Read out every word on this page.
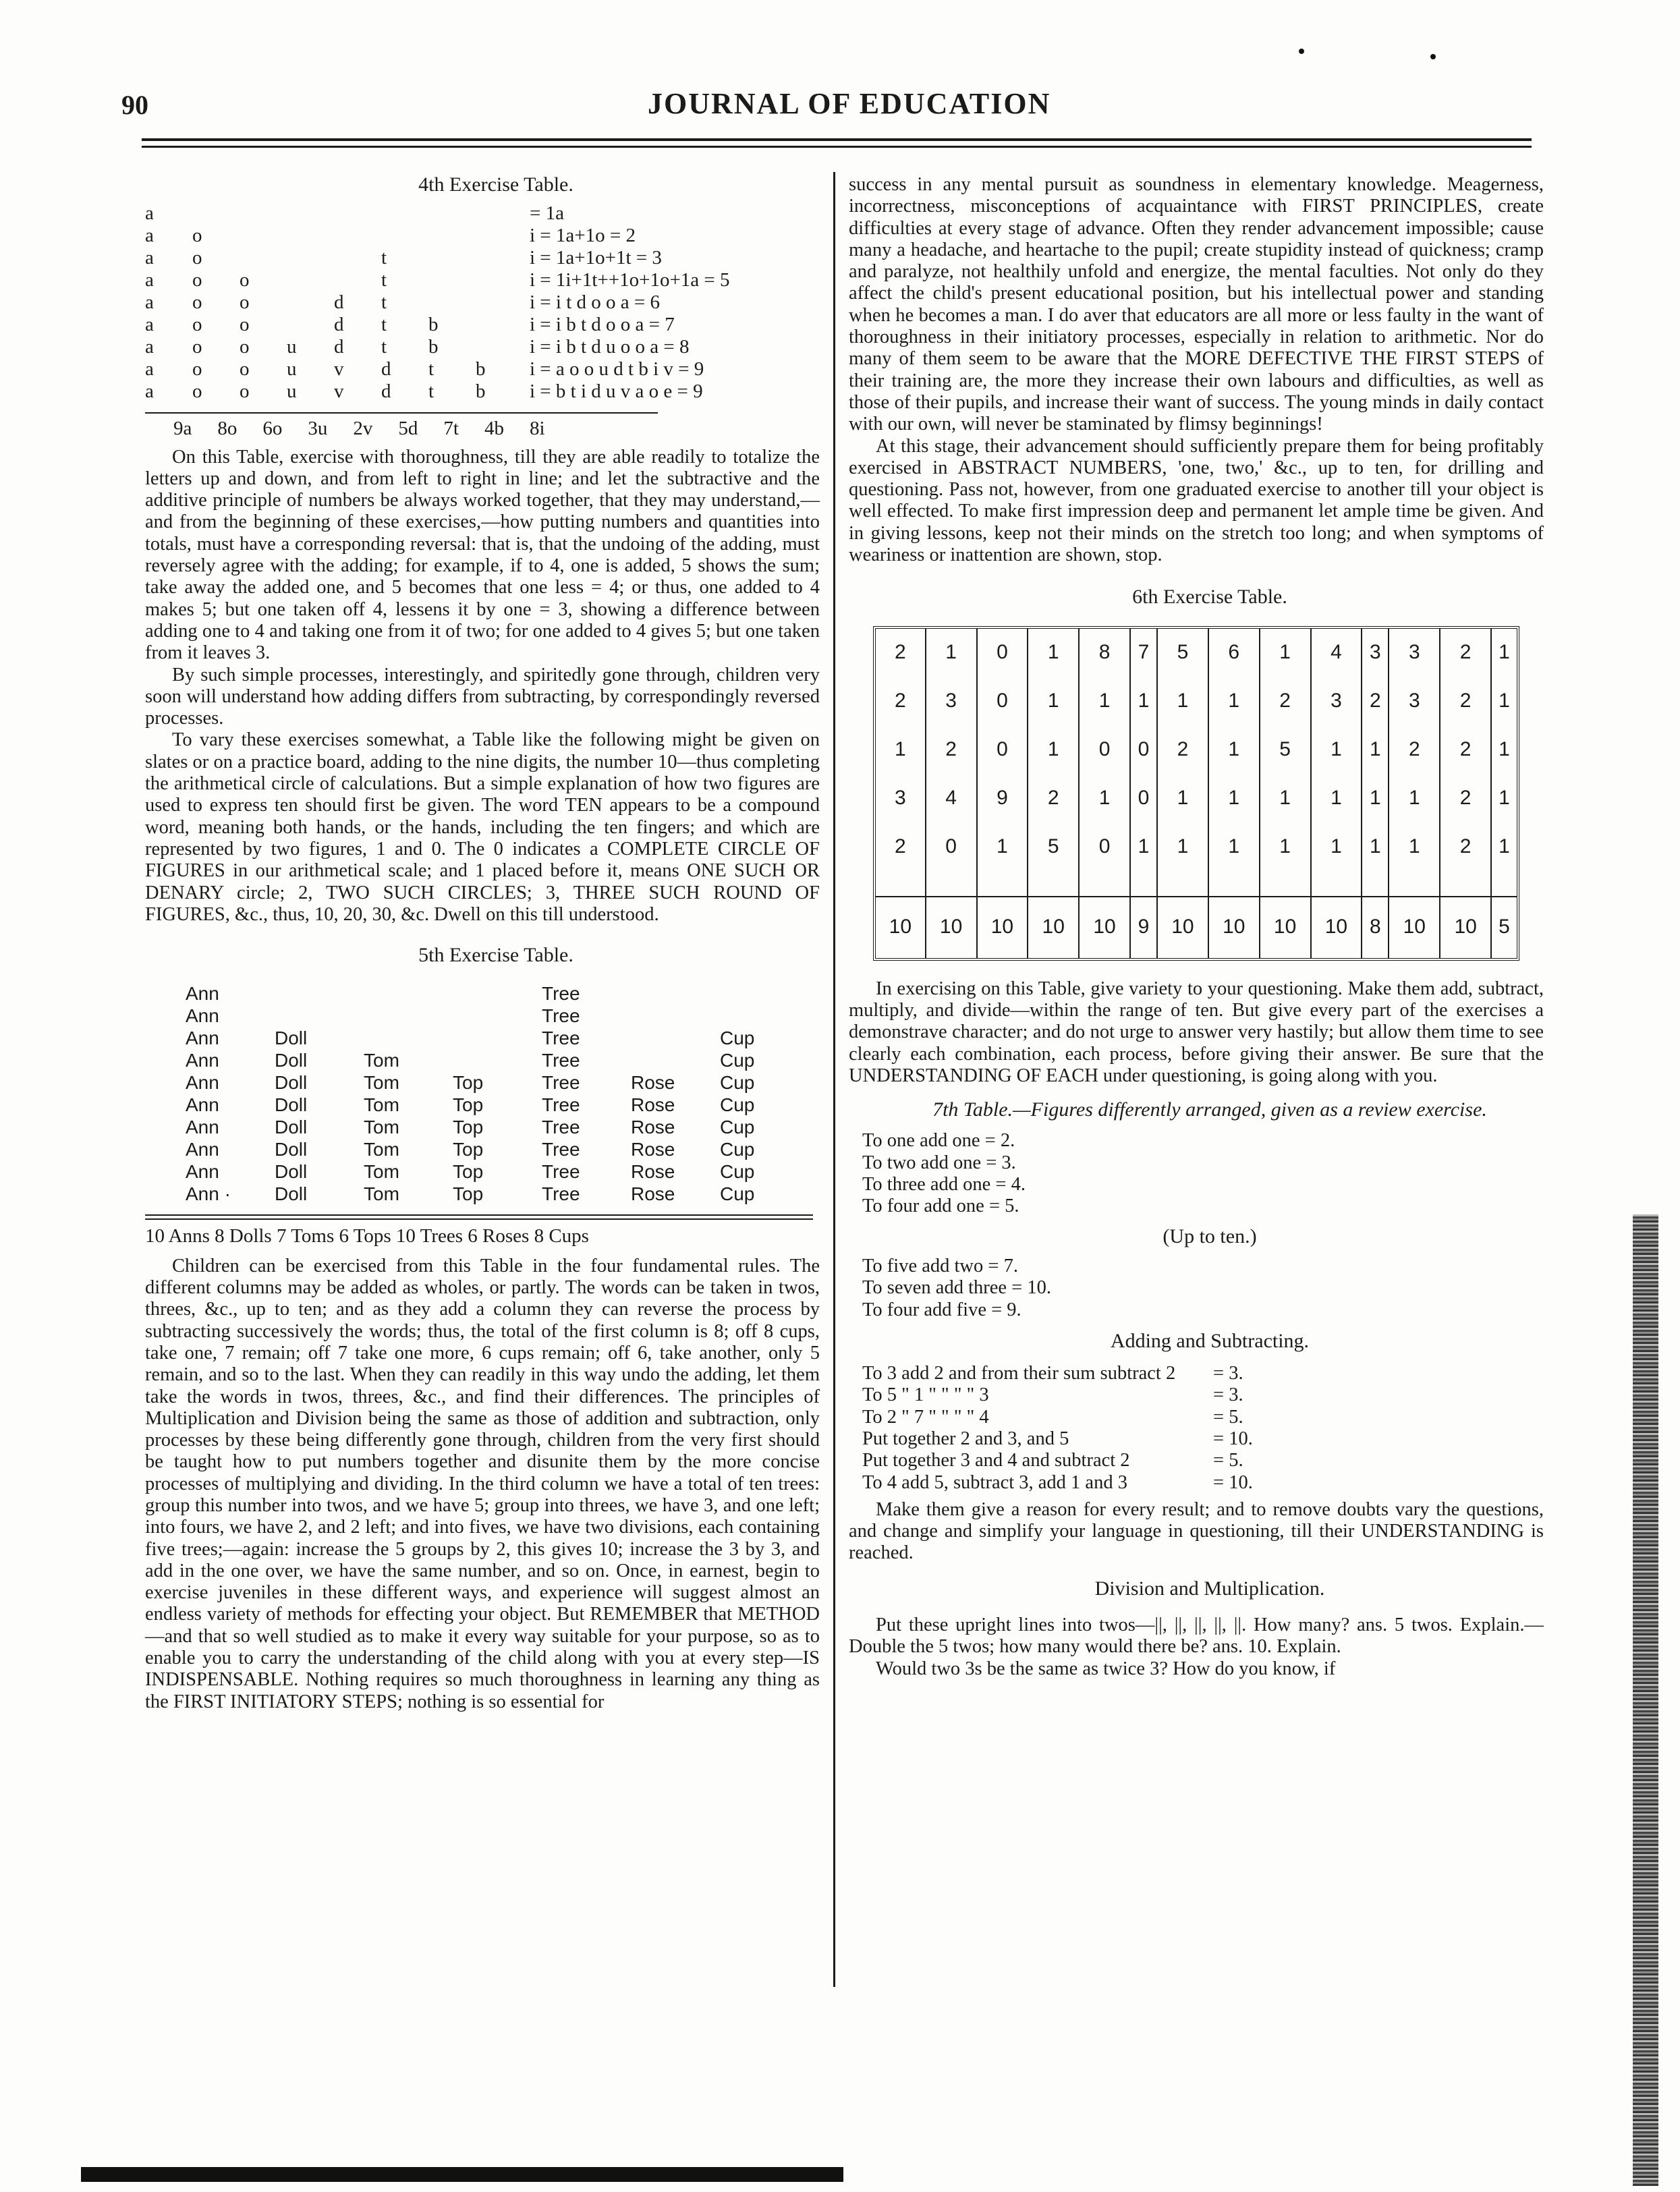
90	JOURNAL OF EDUCATION

4th Exercise Table.

a								= 1a
a	o							i = 1a+1o = 2
a	o				t			i = 1a+1o+1t = 3
a	o	o			t			i = 1i+1t++1o+1o+1a = 5
a	o	o		d	t			i = i t d o o a = 6
a	o	o		d	t	b		i = i b t d o o a = 7
a	o	o	u	d	t	b		i = i b t d u o o a = 8
a	o	o	u	v	d	t	b	i = a o o u d t b i v = 9
a	o	o	u	v	d	t	b	i = b t i d u v a o e = 9
9a 8o 6o 3u 2v 5d 7t 4b 8i

On this Table, exercise with thoroughness, till they are able readily to totalize the letters up and down, and from left to right in line; and let the subtractive and the additive principle of numbers be always worked together, that they may understand,—and from the beginning of these exercises,—how putting numbers and quantities into totals, must have a corresponding reversal: that is, that the undoing of the adding, must reversely agree with the adding; for example, if to 4, one is added, 5 shows the sum; take away the added one, and 5 becomes that one less = 4; or thus, one added to 4 makes 5; but one taken off 4, lessens it by one = 3, showing a difference between adding one to 4 and taking one from it of two; for one added to 4 gives 5; but one taken from it leaves 3.

By such simple processes, interestingly, and spiritedly gone through, children very soon will understand how adding differs from subtracting, by correspondingly reversed processes.

To vary these exercises somewhat, a Table like the following might be given on slates or on a practice board, adding to the nine digits, the number 10—thus completing the arithmetical circle of calculations. But a simple explanation of how two figures are used to express ten should first be given. The word TEN appears to be a compound word, meaning both hands, or the hands, including the ten fingers; and which are represented by two figures, 1 and 0. The 0 indicates a COMPLETE CIRCLE OF FIGURES in our arithmetical scale; and 1 placed before it, means ONE SUCH OR DENARY circle; 2, TWO SUCH CIRCLES; 3, THREE SUCH ROUND OF FIGURES, &c., thus, 10, 20, 30, &c. Dwell on this till understood.

5th Exercise Table.

Ann				Tree		
Ann				Tree		
Ann	Doll			Tree		Cup
Ann	Doll	Tom		Tree		Cup
Ann	Doll	Tom	Top	Tree	Rose	Cup
Ann	Doll	Tom	Top	Tree	Rose	Cup
Ann	Doll	Tom	Top	Tree	Rose	Cup
Ann	Doll	Tom	Top	Tree	Rose	Cup
Ann	Doll	Tom	Top	Tree	Rose	Cup
Ann ·	Doll	Tom	Top	Tree	Rose	Cup

10 Anns 8 Dolls 7 Toms 6 Tops 10 Trees 6 Roses 8 Cups

Children can be exercised from this Table in the four fundamental rules. The different columns may be added as wholes, or partly. The words can be taken in twos, threes, &c., up to ten; and as they add a column they can reverse the process by subtracting successively the words; thus, the total of the first column is 8; off 8 cups, take one, 7 remain; off 7 take one more, 6 cups remain; off 6, take another, only 5 remain, and so to the last. When they can readily in this way undo the adding, let them take the words in twos, threes, &c., and find their differences. The principles of Multiplication and Division being the same as those of addition and subtraction, only processes by these being differently gone through, children from the very first should be taught how to put numbers together and disunite them by the more concise processes of multiplying and dividing. In the third column we have a total of ten trees: group this number into twos, and we have 5; group into threes, we have 3, and one left; into fours, we have 2, and 2 left; and into fives, we have two divisions, each containing five trees;—again: increase the 5 groups by 2, this gives 10; increase the 3 by 3, and add in the one over, we have the same number, and so on. Once, in earnest, begin to exercise juveniles in these different ways, and experience will suggest almost an endless variety of methods for effecting your object. But REMEMBER that METHOD—and that so well studied as to make it every way suitable for your purpose, so as to enable you to carry the understanding of the child along with you at every step—IS INDISPENSABLE. Nothing requires so much thoroughness in learning any thing as the FIRST INITIATORY STEPS; nothing is so essential for

success in any mental pursuit as soundness in elementary knowledge. Meagerness, incorrectness, misconceptions of acquaintance with FIRST PRINCIPLES, create difficulties at every stage of advance. Often they render advancement impossible; cause many a headache, and heartache to the pupil; create stupidity instead of quickness; cramp and paralyze, not healthily unfold and energize, the mental faculties. Not only do they affect the child's present educational position, but his intellectual power and standing when he becomes a man. I do aver that educators are all more or less faulty in the want of thoroughness in their initiatory processes, especially in relation to arithmetic. Nor do many of them seem to be aware that the MORE DEFECTIVE THE FIRST STEPS of their training are, the more they increase their own labours and difficulties, as well as those of their pupils, and increase their want of success. The young minds in daily contact with our own, will never be staminated by flimsy beginnings!

At this stage, their advancement should sufficiently prepare them for being profitably exercised in ABSTRACT NUMBERS, 'one, two,' &c., up to ten, for drilling and questioning. Pass not, however, from one graduated exercise to another till your object is well effected. To make first impression deep and permanent let ample time be given. And in giving lessons, keep not their minds on the stretch too long; and when symptoms of weariness or inattention are shown, stop.

6th Exercise Table.

2	1	0	1	8	7	5	6	1	4	3	3	2	1
2	3	0	1	1	1	1	1	2	3	2	3	2	1
1	2	0	1	0	0	2	1	5	1	1	2	2	1
3	4	9	2	1	0	1	1	1	1	1	1	2	1
2	0	1	5	0	1	1	1	1	1	1	1	2	1

10	10	10	10	10	9	10	10	10	10	8	10	10	5

In exercising on this Table, give variety to your questioning. Make them add, subtract, multiply, and divide—within the range of ten. But give every part of the exercises a demonstrave character; and do not urge to answer very hastily; but allow them time to see clearly each combination, each process, before giving their answer. Be sure that the UNDERSTANDING OF EACH under questioning, is going along with you.

7th Table.—Figures differently arranged, given as a review exercise.

To one add one = 2.
To two add one = 3.
To three add one = 4.
To four add one = 5.

(Up to ten.)

To five add two = 7.
To seven add three = 10.
To four add five = 9.

Adding and Subtracting.

To 3 add 2 and from their sum subtract 2	= 3.
To 5 " 1 " " " " 3	= 3.
To 2 " 7 " " " " 4	= 5.
Put together 2 and 3, and 5	= 10.
Put together 3 and 4 and subtract 2	= 5.
To 4 add 5, subtract 3, add 1 and 3	= 10.

Make them give a reason for every result; and to remove doubts vary the questions, and change and simplify your language in questioning, till their UNDERSTANDING is reached.

Division and Multiplication.

Put these upright lines into twos—||, ||, ||, ||, ||. How many? ans. 5 twos. Explain.—Double the 5 twos; how many would there be? ans. 10. Explain.

Would two 3s be the same as twice 3? How do you know, if
